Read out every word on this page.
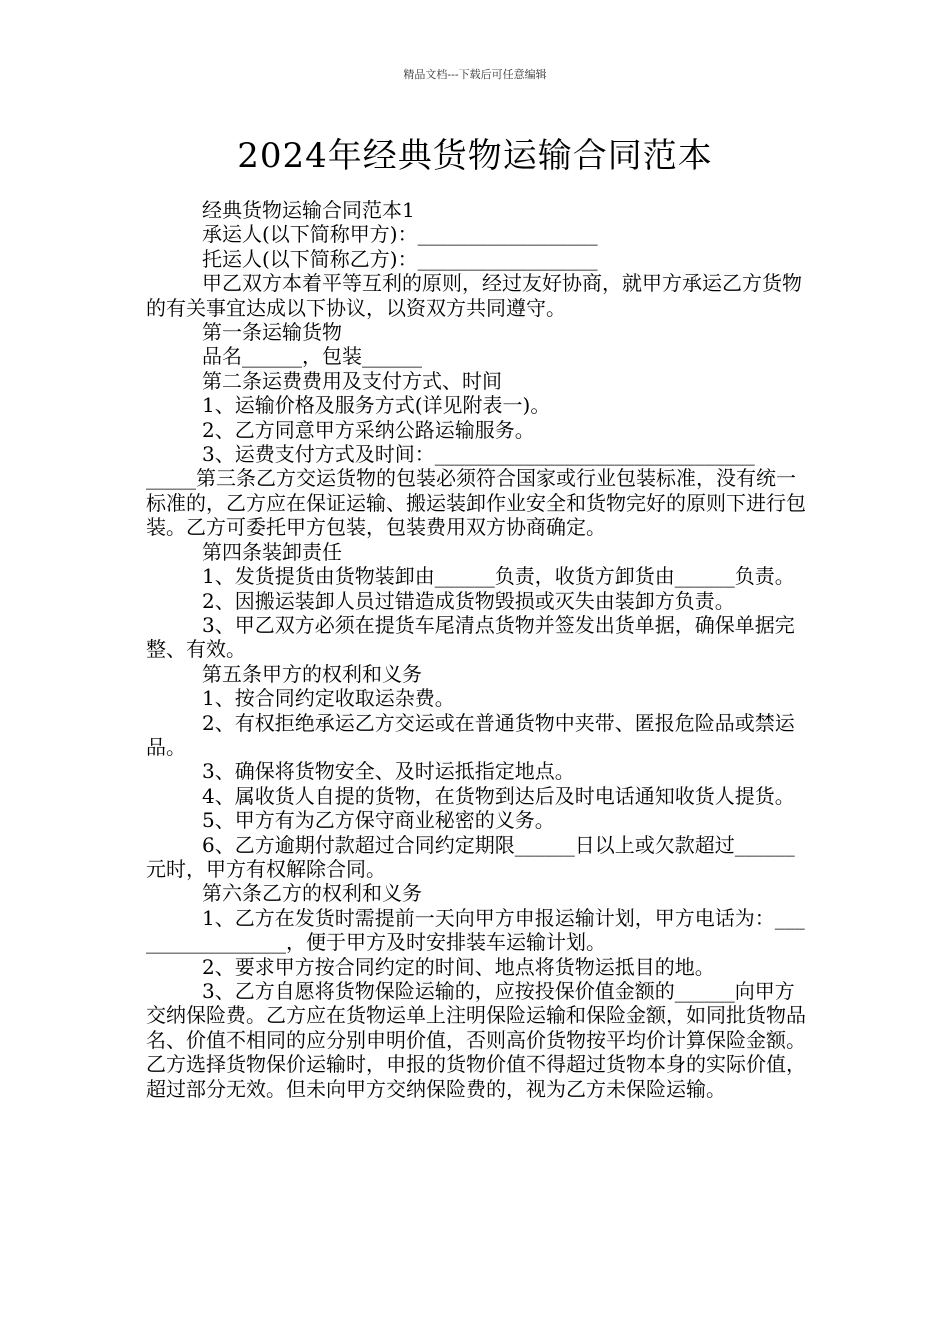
精品文档---下载后可任意编辑
2024年经典货物运输合同范本

经典货物运输合同范本1

承运人(以下简称甲方)：__________________

托运人(以下简称乙方)：__________________

甲乙双方本着平等互利的原则，经过友好协商，就甲方承运乙方货物的有关事宜达成以下协议，以资双方共同遵守。

第一条运输货物

品名______，包装______

第二条运费费用及支付方式、时间

1、运输价格及服务方式(详见附表一)。

2、乙方同意甲方采纳公路运输服务。

3、运费支付方式及时间：________________________________

_____第三条乙方交运货物的包装必须符合国家或行业包装标准，没有统一标准的，乙方应在保证运输、搬运装卸作业安全和货物完好的原则下进行包装。乙方可委托甲方包装，包装费用双方协商确定。

第四条装卸责任

1、发货提货由货物装卸由______负责，收货方卸货由______负责。

2、因搬运装卸人员过错造成货物毁损或灭失由装卸方负责。

3、甲乙双方必须在提货车尾清点货物并签发出货单据，确保单据完整、有效。

第五条甲方的权利和义务

1、按合同约定收取运杂费。

2、有权拒绝承运乙方交运或在普通货物中夹带、匿报危险品或禁运品。

3、确保将货物安全、及时运抵指定地点。

4、属收货人自提的货物，在货物到达后及时电话通知收货人提货。

5、甲方有为乙方保守商业秘密的义务。

6、乙方逾期付款超过合同约定期限______日以上或欠款超过______元时，甲方有权解除合同。

第六条乙方的权利和义务

1、乙方在发货时需提前一天向甲方申报运输计划，甲方电话为：_________________，便于甲方及时安排装车运输计划。

2、要求甲方按合同约定的时间、地点将货物运抵目的地。

3、乙方自愿将货物保险运输的，应按投保价值金额的______向甲方交纳保险费。乙方应在货物运单上注明保险运输和保险金额，如同批货物品名、价值不相同的应分别申明价值，否则高价货物按平均价计算保险金额。乙方选择货物保价运输时，申报的货物价值不得超过货物本身的实际价值，超过部分无效。但未向甲方交纳保险费的，视为乙方未保险运输。
